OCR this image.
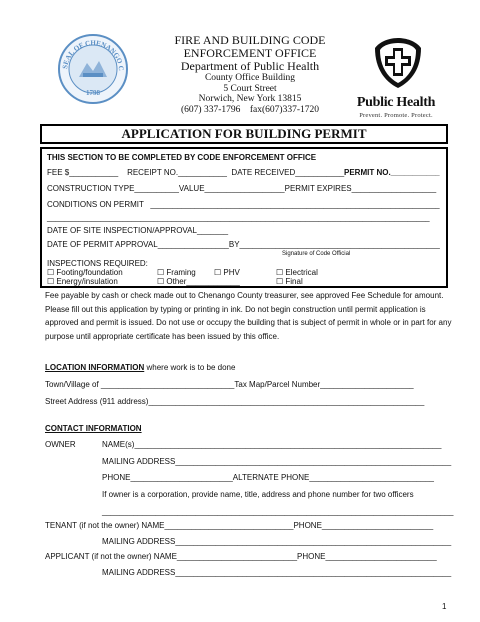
SEAL OF CHENANGO C
1798
FIRE AND BUILDING CODE
ENFORCEMENT OFFICE
Department of Public Health
County Office Building
5 Court Street
Norwich, New York 13815
(607) 337-1796    fax(607)337-1720	Public Health
Prevent. Promote. Protect.
APPLICATION FOR BUILDING PERMIT
THIS SECTION TO BE COMPLETED BY CODE ENFORCEMENT OFFICE
FEE $___________    RECEIPT NO.___________  DATE RECEIVED___________ PERMIT NO.___________
CONSTRUCTION TYPE__________VALUE__________________PERMIT EXPIRES___________________
CONDITIONS ON PERMIT   _________________________________________________________________
______________________________________________________________________________________
DATE OF SITE INSPECTION/APPROVAL_______
DATE OF PERMIT APPROVAL________________BY_____________________________________________
Signature of Code Official
INSPECTIONS REQUIRED:
☐ Footing/foundation	☐ Framing ☐ PHV	☐ Electrical
☐ Energy/insulation	☐ Other____________	☐ Final
Fee payable by cash or check made out to Chenango County treasurer, see approved Fee Schedule for amount. Please fill out this application by typing or printing in ink. Do not begin construction until permit application is approved and permit is issued. Do not use or occupy the building that is subject of permit in whole or in part for any purpose until appropriate certificate has been issued by this office.
LOCATION INFORMATION where work is to be done
Town/Village of ______________________________Tax Map/Parcel Number_____________________
Street Address (911 address)______________________________________________________________
CONTACT INFORMATION
OWNER	NAME(s)_____________________________________________________________________
MAILING ADDRESS______________________________________________________________
PHONE_______________________ALTERNATE PHONE____________________________
If owner is a corporation, provide name, title, address and phone number for two officers
_______________________________________________________________________________
TENANT (if not the owner) NAME_____________________________PHONE_________________________
MAILING ADDRESS______________________________________________________________
APPLICANT (if not the owner) NAME___________________________PHONE_________________________
MAILING ADDRESS______________________________________________________________
1
